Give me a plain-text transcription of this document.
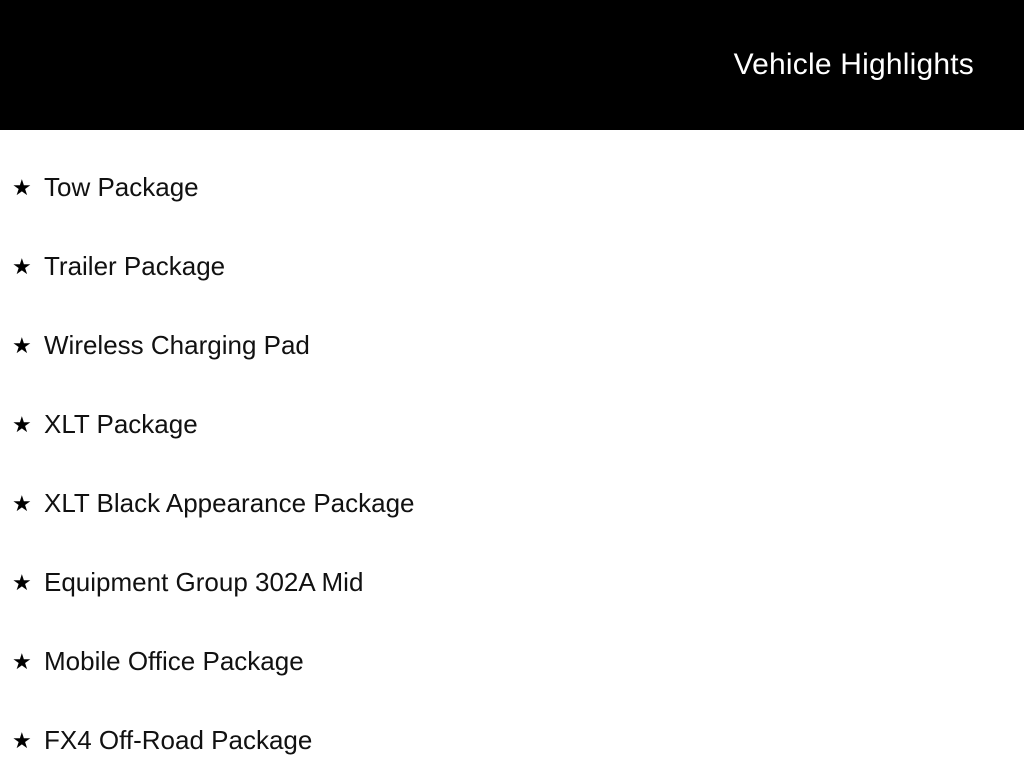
Vehicle Highlights
★ Tow Package
★ Trailer Package
★ Wireless Charging Pad
★ XLT Package
★ XLT Black Appearance Package
★ Equipment Group 302A Mid
★ Mobile Office Package
★ FX4 Off-Road Package
